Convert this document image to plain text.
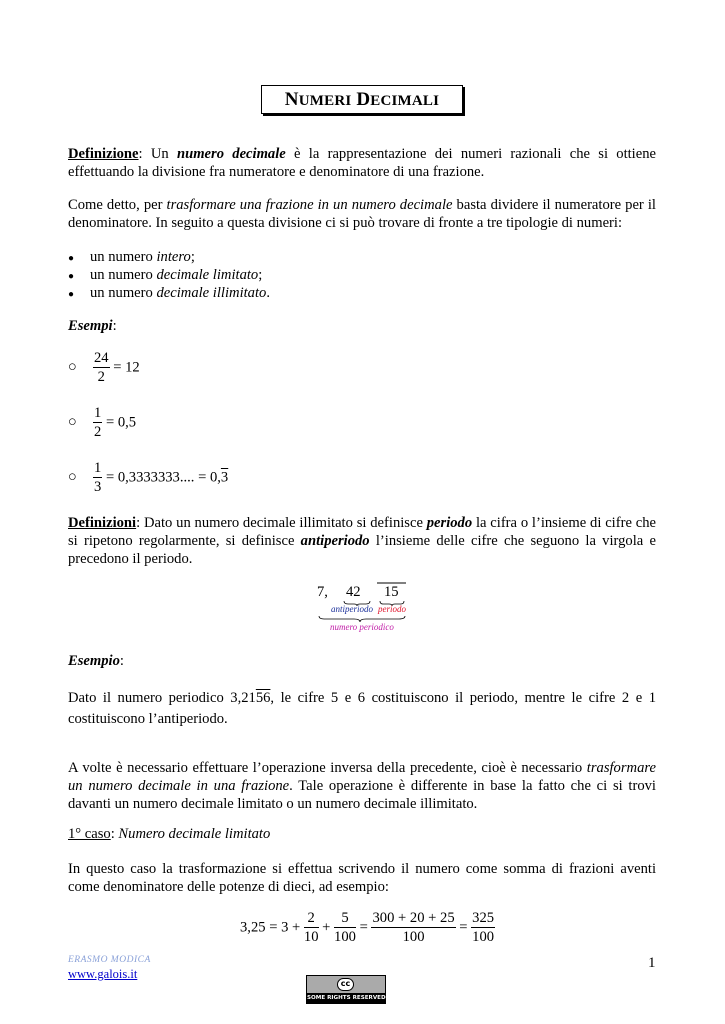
NUMERI DECIMALI
Definizione: Un numero decimale è la rappresentazione dei numeri razionali che si ottiene effettuando la divisione fra numeratore e denominatore di una frazione.
Come detto, per trasformare una frazione in un numero decimale basta dividere il numeratore per il denominatore. In seguito a questa divisione ci si può trovare di fronte a tre tipologie di numeri:
● un numero intero;
● un numero decimale limitato;
● un numero decimale illimitato.
Esempi:
○ $\frac{24}{2} = 12$
○ $\frac{1}{2} = 0,5$
○ $\frac{1}{3} = 0,3333333$.... = 0,3
Definizioni: Dato un numero decimale illimitato si definisce periodo la cifra o l’insieme di cifre che si ripetono regolarmente, si definisce antiperiodo l’insieme delle cifre che seguono la virgola e precedono il periodo.
7, 42 15
antiperiodo periodo
numero periodico
Esempio:
Dato il numero periodico 3,2156, le cifre 5 e 6 costituiscono il periodo, mentre le cifre 2 e 1 costituiscono l’antiperiodo.
A volte è necessario effettuare l’operazione inversa della precedente, cioè è necessario trasformare un numero decimale in una frazione. Tale operazione è differente in base la fatto che ci si trovi davanti un numero decimale limitato o un numero decimale illimitato.
1° caso: Numero decimale limitato
In questo caso la trasformazione si effettua scrivendo il numero come somma di frazioni aventi come denominatore delle potenze di dieci, ad esempio:
$3,25 = 3 + \frac{2}{10} + \frac{5}{100} = \frac{300 + 20 + 25}{100} = \frac{325}{100}$
ERASMO MODICA
www.galois.it
1
cc
SOME RIGHTS RESERVED
